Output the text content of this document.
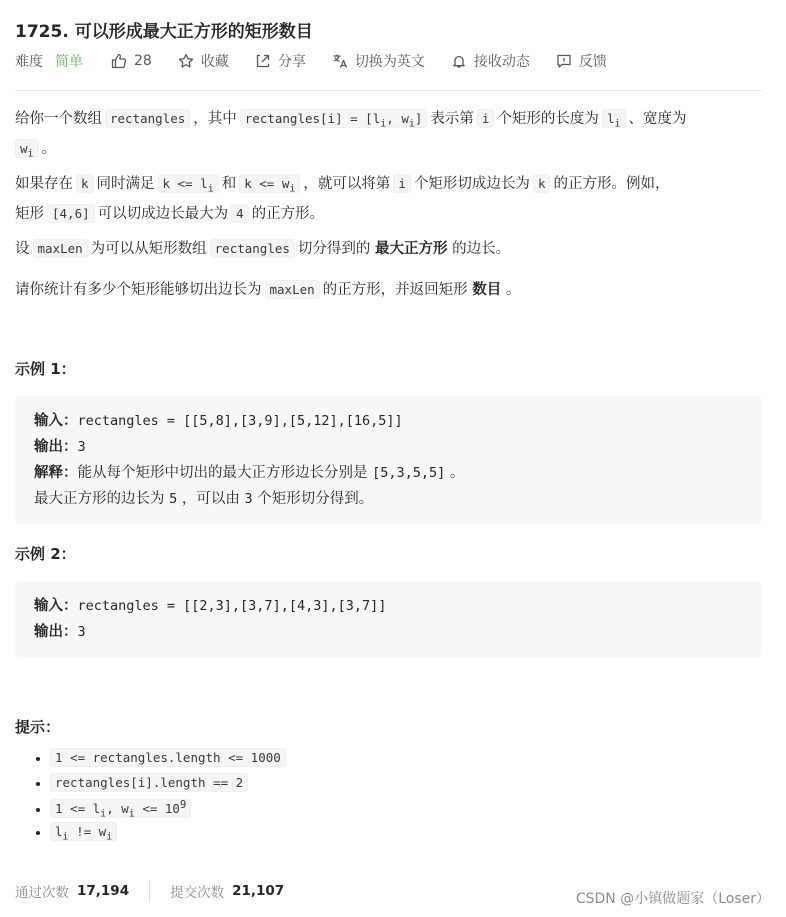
1725. 可以形成最大正方形的矩形数目
难度 简单	28	收藏	分享	切换为英文	接收动态	反馈
给你一个数组 rectangles ，其中 rectangles[i] = [$l_i$, $w_i$] 表示第 i 个矩形的长度为 $l_i$ 、宽度为
$w_i$ 。
如果存在 k 同时满足 $k <= l_i$ 和 $k <= w_i$ ，就可以将第 i 个矩形切成边长为 k 的正方形。例如，
矩形 [4,6] 可以切成边长最大为 4 的正方形。
设 maxLen 为可以从矩形数组 rectangles 切分得到的 最大正方形 的边长。
请你统计有多少个矩形能够切出边长为 maxLen 的正方形，并返回矩形 数目 。
示例 1：
输入：rectangles = [[5,8],[3,9],[5,12],[16,5]]
输出：3
解释：能从每个矩形中切出的最大正方形边长分别是 [5,3,5,5] 。
最大正方形的边长为 5 ，可以由 3 个矩形切分得到。
示例 2：
输入：rectangles = [[2,3],[3,7],[4,3],[3,7]]
输出：3
提示：
• 1 <= rectangles.length <= 1000
• rectangles[i].length == 2
• $1 <= l_i$, $w_i <= 10^9$
• $l_i$ != $w_i$
通过次数 17,194	提交次数 21,107	CSDN @小镇做题家（Loser）
